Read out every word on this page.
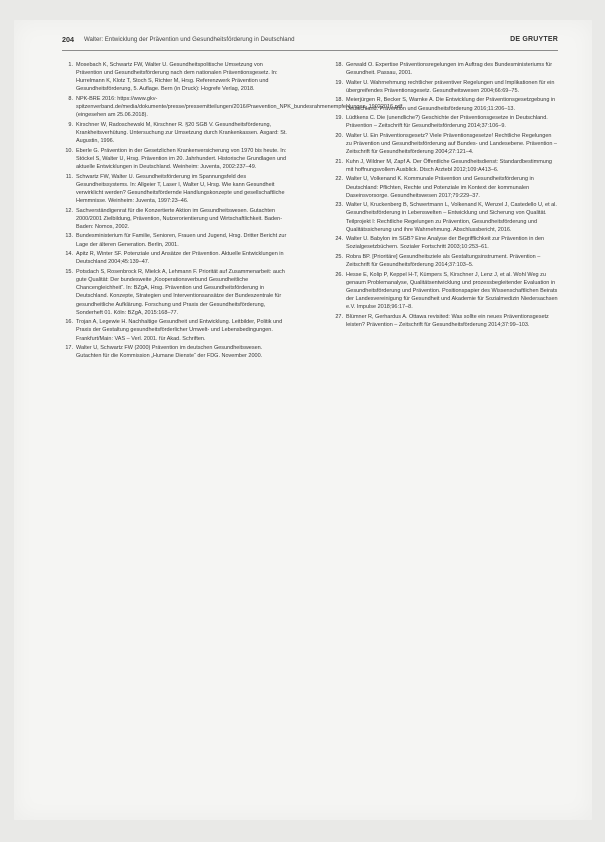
204 Walter: Entwicklung der Prävention und Gesundheitsförderung in Deutschland	DE GRUYTER
1. Mosebach K, Schwartz FW, Walter U. Gesundheitspolitische Umsetzung von Prävention und Gesundheitsförderung nach dem nationalen Präventionsgesetz. In: Hurrelmann K, Klotz T, Stoch S, Richter M, Hrsg. Referenzwerk Prävention und Gesundheitsförderung, 5. Auflage. Bern (in Druck): Hogrefe Verlag, 2018.
8. NPK-BRE 2016: https://www.gkv-spitzenverband.de/media/dokumente/presse/pressemitteilungen/2016/Praevention_NPK_bundesrahmenempfehlungen_19022016.pdf (eingesehen am 25.06.2018).
9. Kirschner W, Radoschewski M, Kirschner R. §20 SGB V. Gesundheitsförderung, Krankheitsverhütung. Untersuchung zur Umsetzung durch Krankenkassen. Asgard: St. Augustin, 1996.
10. Eberle G. Prävention in der Gesetzlichen Krankenversicherung von 1970 bis heute. In: Stöckel S, Walter U, Hrsg. Prävention im 20. Jahrhundert. Historische Grundlagen und aktuelle Entwicklungen in Deutschland. Weinheim: Juventa, 2002:237–49.
11. Schwartz FW, Walter U. Gesundheitsförderung im Spannungsfeld des Gesundheitssystems. In: Allgeier T, Laser I, Walter U, Hrsg. Wie kann Gesundheit verwirklicht werden? Gesundheitsfördernde Handlungskonzepte und gesellschaftliche Hemmnisse. Weinheim: Juventa, 1997:23–46.
12. Sachverständigenrat für die Konzertierte Aktion im Gesundheitswesen. Gutachten 2000/2001 Zielbildung, Prävention, Nutzerorientierung und Wirtschaftlichkeit. Baden-Baden: Nomos, 2002.
13. Bundesministerium für Familie, Senioren, Frauen und Jugend, Hrsg. Dritter Bericht zur Lage der älteren Generation. Berlin, 2001.
14. Apitz R, Winter SF. Potenziale und Ansätze der Prävention. Aktuelle Entwicklungen in Deutschland 2004;45:139–47.
15. Potsdach S, Rosenbrock R, Mielck A, Lehmann F. Priorität auf Zusammenarbeit: auch gute Qualität: Der bundesweite „Kooperationsverbund Gesundheitliche Chancengleichheit“. In: BZgA, Hrsg. Prävention und Gesundheitsförderung in Deutschland. Konzepte, Strategien und Interventionsansätze der Bundeszentrale für gesundheitliche Aufklärung. Forschung und Praxis der Gesundheitsförderung, Sonderheft 01. Köln: BZgA, 2015:168–77.
16. Trojan A, Legewie H. Nachhaltige Gesundheit und Entwicklung. Leitbilder, Politik und Praxis der Gestaltung gesundheitsförderlicher Umwelt- und Lebensbedingungen. Frankfurt/Main: VAS – Verl. 2001. für Akad. Schriften.
17. Walter U, Schwartz FW (2000) Prävention im deutschen Gesundheitswesen. Gutachten für die Kommission „Humane Dienste“ der FDG. November 2000.
18. Gerwald O. Expertise Präventionsregelungen im Auftrag des Bundesministeriums für Gesundheit. Passau, 2001.
19. Walter U. Wahrnehmung rechtlicher präventiver Regelungen und Implikationen für ein übergreifendes Präventionsgesetz. Gesundheitswesen 2004;66:69–75.
18. Meierjürgen R, Becker S, Warnke A. Die Entwicklung der Präventionsgesetzgebung in Deutschland. Prävention und Gesundheitsförderung 2016;11:206–13.
19. Lüdtkens C. Die (unendliche?) Geschichte der Präventionsgesetze in Deutschland. Prävention – Zeitschrift für Gesundheitsförderung 2014;37:106–9.
20. Walter U. Ein Präventionsgesetz? Viele Präventionsgesetze! Rechtliche Regelungen zu Prävention und Gesundheitsförderung auf Bundes- und Landesebene. Prävention – Zeitschrift für Gesundheitsförderung 2004;27:121–4.
21. Kuhn J, Wildner M, Zapf A. Der Öffentliche Gesundheitsdienst: Standardbestimmung mit hoffnungsvollem Ausblick. Dtsch Arztebl 2012;109:A413–6.
22. Walter U, Volkenand K. Kommunale Prävention und Gesundheitsförderung in Deutschland: Pflichten, Rechte und Potenziale im Kontext der kommunalen Daseinsvorsorge. Gesundheitswesen 2017;79:229–37.
23. Walter U, Kruckenberg B, Schwertmann L, Volkenand K, Wenzel J, Castedello U, et al. Gesundheitsförderung in Lebenswelten – Entwicklung und Sicherung von Qualität. Teilprojekt I: Rechtliche Regelungen zu Prävention, Gesundheitsförderung und Qualitätssicherung und ihre Wahrnehmung. Abschlussbericht, 2016.
24. Walter U. Babylon im SGB? Eine Analyse der Begrifflichkeit zur Prävention in den Sozialgesetzbüchern. Sozialer Fortschritt 2003;10:253–61.
25. Robra BP. [Prioritäre] Gesundheitsziele als Gestaltungsinstrument. Prävention – Zeitschrift für Gesundheitsförderung 2014;37:103–5.
26. Hesse E, Kolip P, Keppel H-T, Kümpers S, Kirschner J, Lenz J, et al. Wohl Weg zu genaum Problemanalyse, Qualitätsentwicklung und prozessbegleitender Evaluation in Gesundheitsförderung und Prävention. Positionspapier des Wissenschaftlichen Beirats der Landesvereinigung für Gesundheit und Akademie für Sozialmedizin Niedersachsen e.V. Impulse 2018;96:17–8.
27. Blümner R, Gerhardus A. Ottawa revisited: Was sollte ein neues Präventionsgesetz leisten? Prävention – Zeitschrift für Gesundheitsförderung 2014;37:99–103.
